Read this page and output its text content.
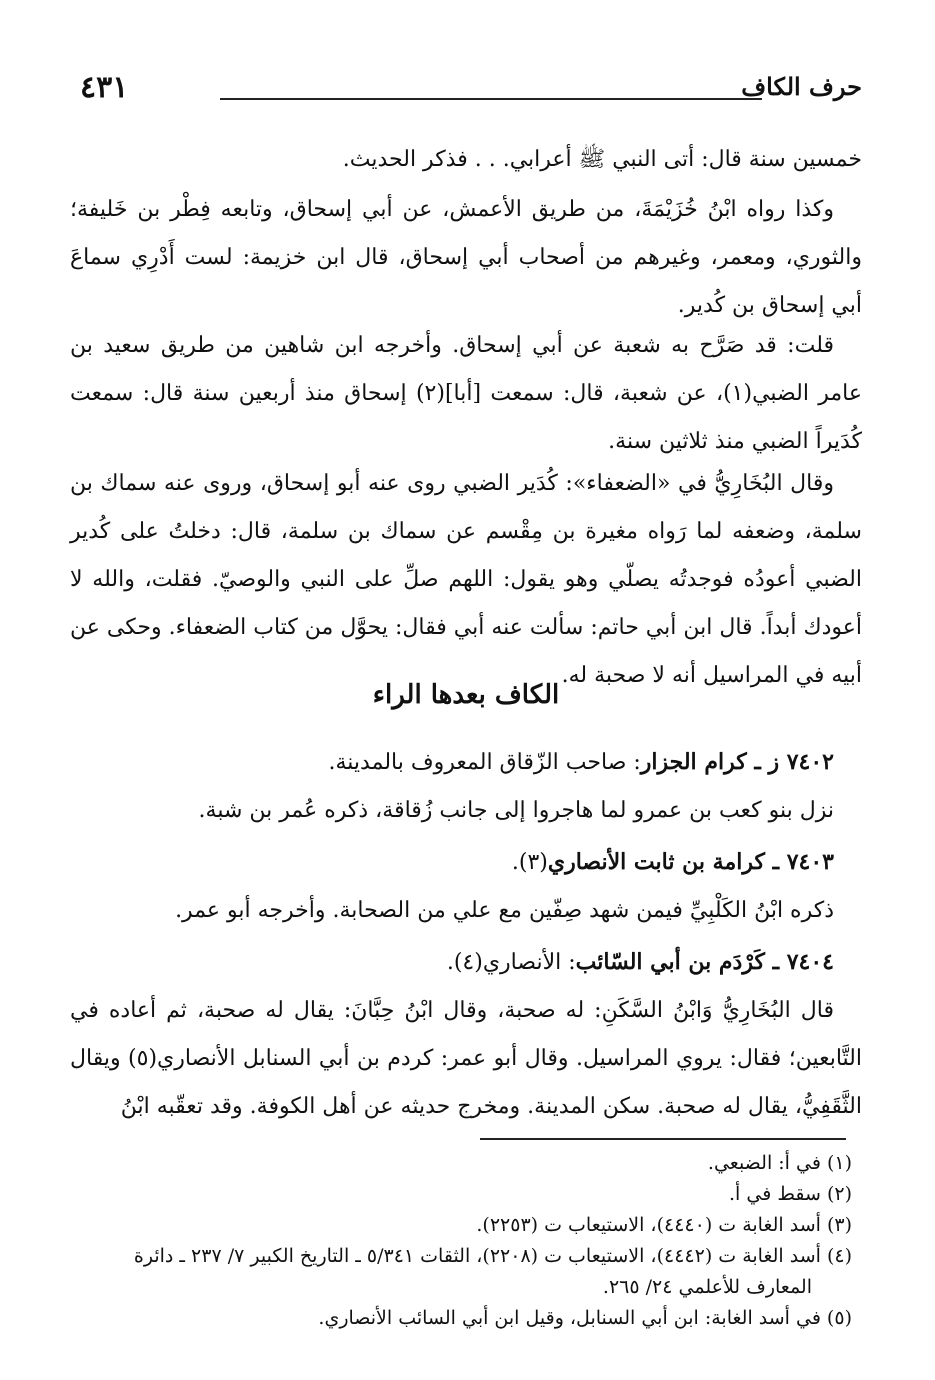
٤٣١	حرف الكاف

خمسين سنة قال: أتى النبي ﷺ أعرابي. . . فذكر الحديث.

وكذا رواه ابْنُ خُزَيْمَةَ، من طريق الأعمش، عن أبي إسحاق، وتابعه فِطْر بن خَليفة؛ والثوري، ومعمر، وغيرهم من أصحاب أبي إسحاق، قال ابن خزيمة: لست أَدْرِي سماعَ أبي إسحاق بن كُدير.

قلت: قد صَرَّح به شعبة عن أبي إسحاق. وأخرجه ابن شاهين من طريق سعيد بن عامر الضبي(١)، عن شعبة، قال: سمعت [أبا](٢) إسحاق منذ أربعين سنة قال: سمعت كُدَيراً الضبي منذ ثلاثين سنة.

وقال البُخَارِيُّ في «الضعفاء»: كُدَير الضبي روى عنه أبو إسحاق، وروى عنه سماك بن سلمة، وضعفه لما رَواه مغيرة بن مِقْسم عن سماك بن سلمة، قال: دخلتُ على كُدير الضبي أعودُه فوجدتُه يصلّي وهو يقول: اللهم صلِّ على النبي والوصيّ. فقلت، والله لا أعودك أبداً. قال ابن أبي حاتم: سألت عنه أبي فقال: يحوَّل من كتاب الضعفاء. وحكى عن أبيه في المراسيل أنه لا صحبة له.

الكاف بعدها الراء

٧٤٠٢ ز ـ كرام الجزار: صاحب الزّقاق المعروف بالمدينة.

نزل بنو كعب بن عمرو لما هاجروا إلى جانب زُقاقة، ذكره عُمر بن شبة.

٧٤٠٣ ـ كرامة بن ثابت الأنصاري(٣).

ذكره ابْنُ الكَلْبِيِّ فيمن شهد صِفّين مع علي من الصحابة. وأخرجه أبو عمر.

٧٤٠٤ ـ كَرْدَم بن أبي السّائب: الأنصاري(٤).

قال البُخَارِيُّ وَابْنُ السَّكَنِ: له صحبة، وقال ابْنُ حِبَّانَ: يقال له صحبة، ثم أعاده في التَّابعين؛ فقال: يروي المراسيل. وقال أبو عمر: كردم بن أبي السنابل الأنصاري(٥) ويقال الثَّقَفِيُّ، يقال له صحبة. سكن المدينة. ومخرج حديثه عن أهل الكوفة. وقد تعقّبه ابْنُ

(١) في أ: الضبعي.

(٢) سقط في أ.

(٣) أسد الغابة ت (٤٤٤٠)، الاستيعاب ت (٢٢٥٣).

(٤) أسد الغابة ت (٤٤٤٢)، الاستيعاب ت (٢٢٠٨)، الثقات ٥/٣٤١ ـ التاريخ الكبير ٧/ ٢٣٧ ـ دائرة

المعارف للأعلمي ٢٤/ ٢٦٥.

(٥) في أسد الغابة: ابن أبي السنابل، وقيل ابن أبي السائب الأنصاري.
